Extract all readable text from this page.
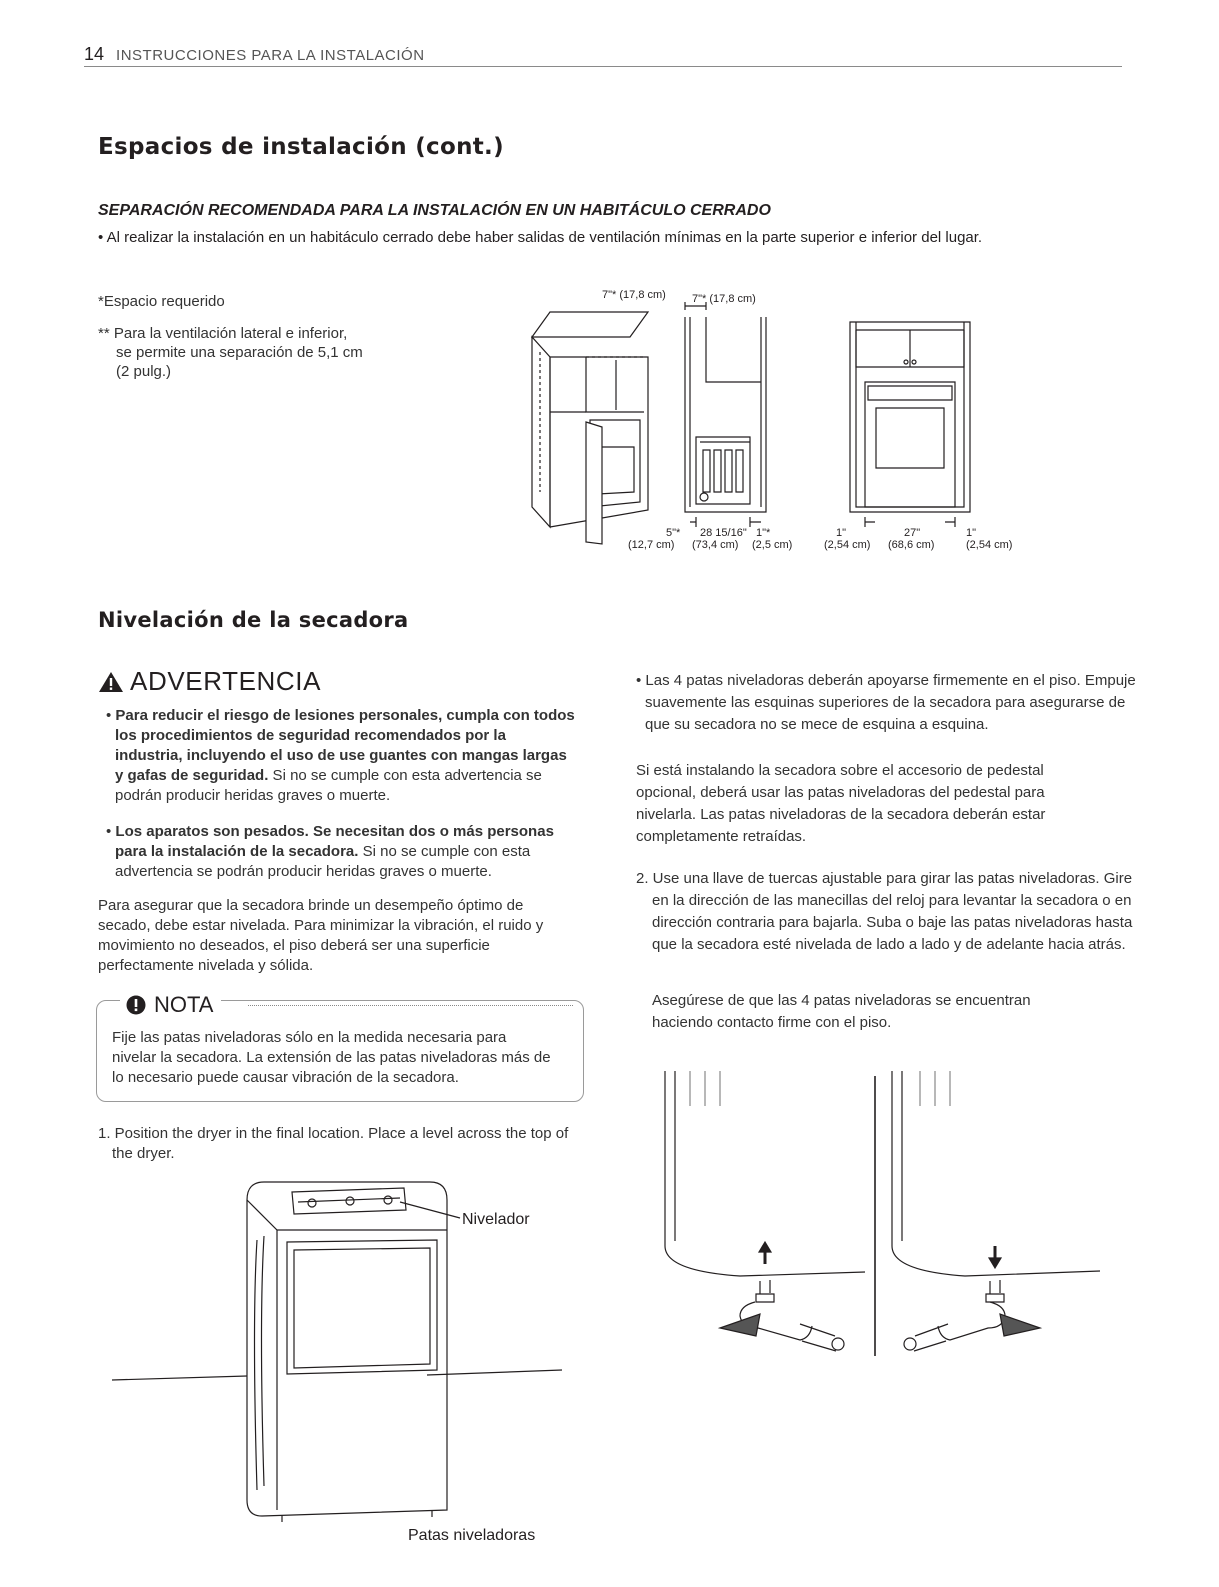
14 INSTRUCCIONES PARA LA INSTALACIÓN
Espacios de instalación (cont.)
SEPARACIÓN RECOMENDADA PARA LA INSTALACIÓN EN UN HABITÁCULO CERRADO
• Al realizar la instalación en un habitáculo cerrado debe haber salidas de ventilación mínimas en la parte superior e inferior del lugar.
*Espacio requerido
** Para la ventilación lateral e inferior,
se permite una separación de 5,1 cm
(2 pulg.)
7"* (17,8 cm) 7"* (17,8 cm)
5"*
(12,7 cm)
28 15/16"
(73,4 cm)
1"*
(2,5 cm)
1"
(2,54 cm)
27"
(68,6 cm)
1"
(2,54 cm)
Nivelación de la secadora
ADVERTENCIA
• Para reducir el riesgo de lesiones personales, cumpla con todos los procedimientos de seguridad recomendados por la industria, incluyendo el uso de use guantes con mangas largas y gafas de seguridad. Si no se cumple con esta advertencia se podrán producir heridas graves o muerte.
• Los aparatos son pesados. Se necesitan dos o más personas para la instalación de la secadora. Si no se cumple con esta advertencia se podrán producir heridas graves o muerte.
Para asegurar que la secadora brinde un desempeño óptimo de secado, debe estar nivelada. Para minimizar la vibración, el ruido y movimiento no deseados, el piso deberá ser una superficie perfectamente nivelada y sólida.
NOTA
Fije las patas niveladoras sólo en la medida necesaria para nivelar la secadora. La extensión de las patas niveladoras más de lo necesario puede causar vibración de la secadora.
1. Position the dryer in the final location. Place a level across the top of the dryer.
Nivelador
Patas niveladoras
• Las 4 patas niveladoras deberán apoyarse firmemente en el piso. Empuje suavemente las esquinas superiores de la secadora para asegurarse de que su secadora no se mece de esquina a esquina.
Si está instalando la secadora sobre el accesorio de pedestal opcional, deberá usar las patas niveladoras del pedestal para nivelarla. Las patas niveladoras de la secadora deberán estar completamente retraídas.
2. Use una llave de tuercas ajustable para girar las patas niveladoras. Gire en la dirección de las manecillas del reloj para levantar la secadora o en dirección contraria para bajarla. Suba o baje las patas niveladoras hasta que la secadora esté nivelada de lado a lado y de adelante hacia atrás.
Asegúrese de que las 4 patas niveladoras se encuentran haciendo contacto firme con el piso.
